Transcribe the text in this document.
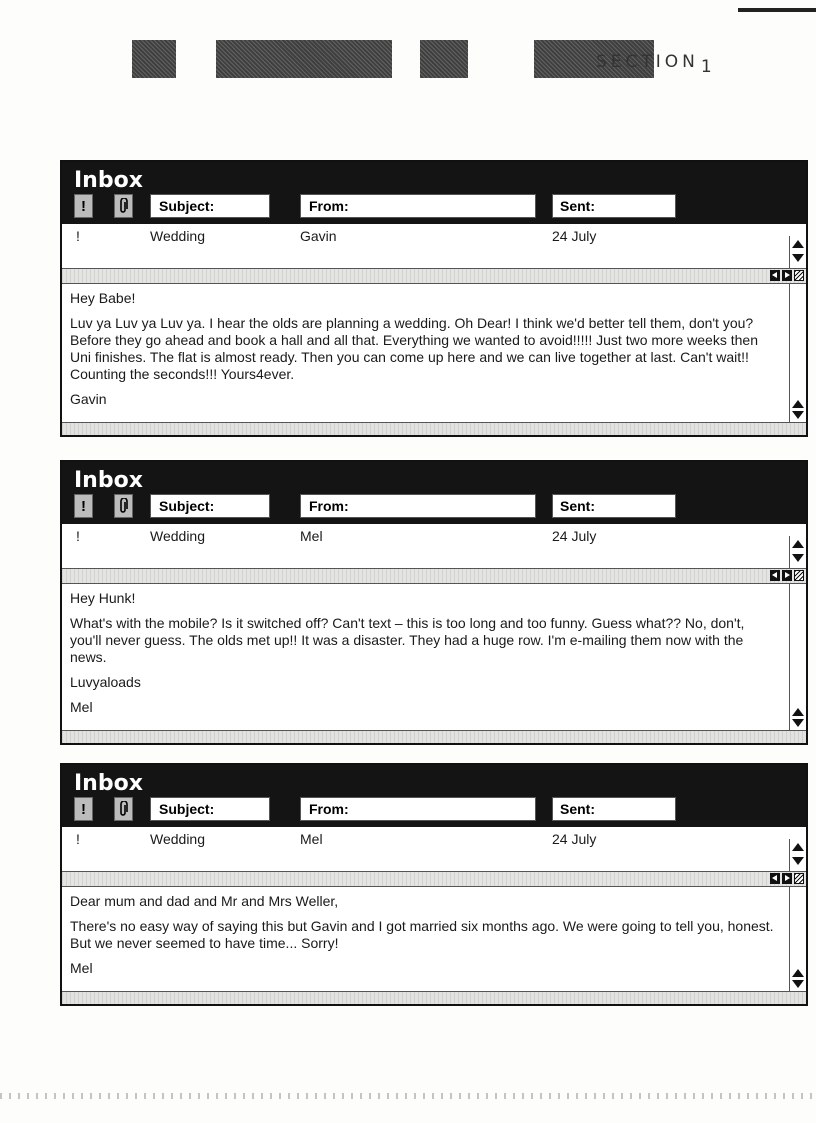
SECTION 1
Inbox
!	Subject:	From:	Sent:
!	Wedding	Gavin	24 July

Hey Babe!

Luv ya Luv ya Luv ya. I hear the olds are planning a wedding. Oh Dear! I think we'd better tell them, don't you? Before they go ahead and book a hall and all that. Everything we wanted to avoid!!!!! Just two more weeks then Uni finishes. The flat is almost ready. Then you can come up here and we can live together at last. Can't wait!! Counting the seconds!!! Yours4ever.

Gavin

Inbox
!	Subject:	From:	Sent:
!	Wedding	Mel	24 July

Hey Hunk!

What's with the mobile? Is it switched off? Can't text – this is too long and too funny. Guess what?? No, don't, you'll never guess. The olds met up!! It was a disaster. They had a huge row. I'm e-mailing them now with the news.

Luvyaloads

Mel

Inbox
!	Subject:	From:	Sent:
!	Wedding	Mel	24 July

Dear mum and dad and Mr and Mrs Weller,

There's no easy way of saying this but Gavin and I got married six months ago. We were going to tell you, honest. But we never seemed to have time... Sorry!

Mel
